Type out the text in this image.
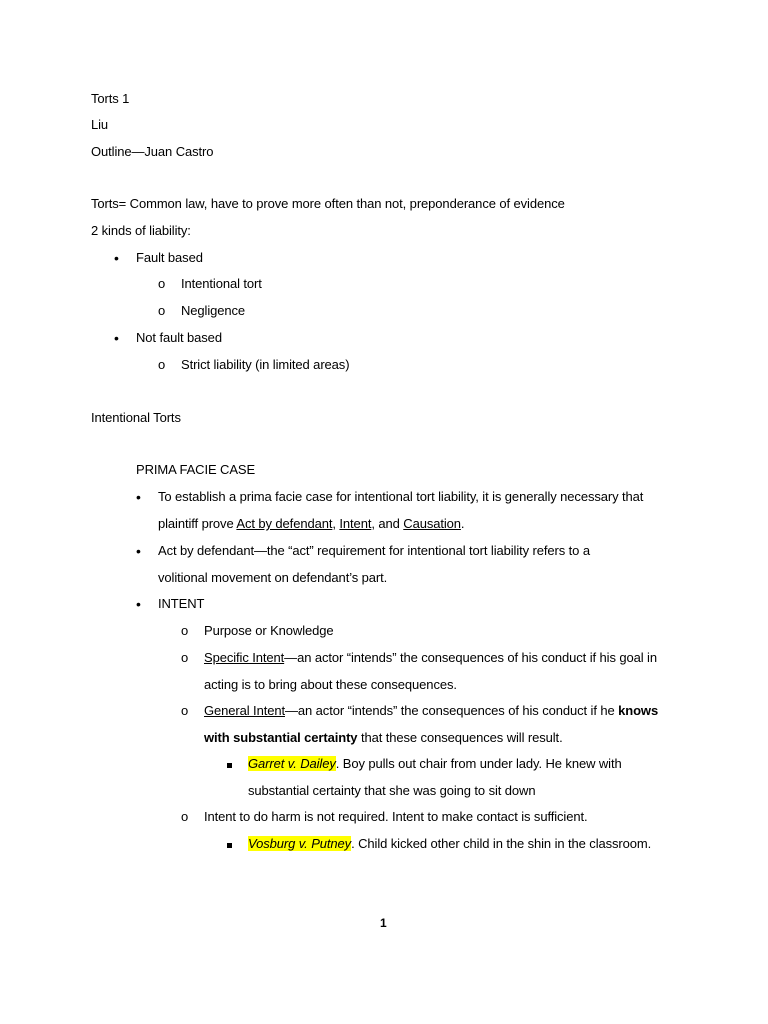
Torts 1
Liu
Outline—Juan Castro
Torts= Common law, have to prove more often than not, preponderance of evidence
2 kinds of liability:
• Fault based
o Intentional tort
o Negligence
• Not fault based
o Strict liability (in limited areas)
Intentional Torts
PRIMA FACIE CASE
• To establish a prima facie case for intentional tort liability, it is generally necessary that
plaintiff prove Act by defendant, Intent, and Causation.
• Act by defendant—the “act” requirement for intentional tort liability refers to a
volitional movement on defendant’s part.
• INTENT
o Purpose or Knowledge
o Specific Intent—an actor “intends” the consequences of his conduct if his goal in
acting is to bring about these consequences.
o General Intent—an actor “intends” the consequences of his conduct if he knows
with substantial certainty that these consequences will result.
Garret v. Dailey. Boy pulls out chair from under lady. He knew with
substantial certainty that she was going to sit down
o Intent to do harm is not required. Intent to make contact is sufficient.
Vosburg v. Putney. Child kicked other child in the shin in the classroom.
1
